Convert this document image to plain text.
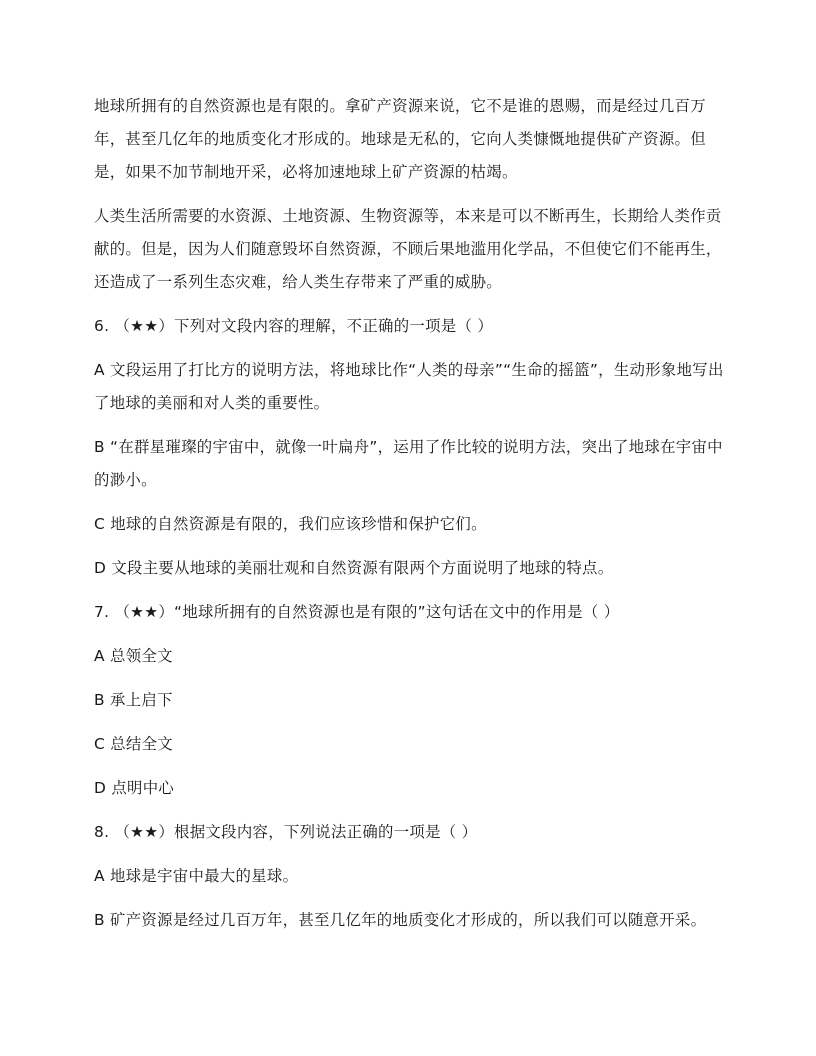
地球所拥有的自然资源也是有限的。拿矿产资源来说，它不是谁的恩赐，而是经过几百万年，甚至几亿年的地质变化才形成的。地球是无私的，它向人类慷慨地提供矿产资源。但是，如果不加节制地开采，必将加速地球上矿产资源的枯竭。

人类生活所需要的水资源、土地资源、生物资源等，本来是可以不断再生，长期给人类作贡献的。但是，因为人们随意毁坏自然资源，不顾后果地滥用化学品，不但使它们不能再生，还造成了一系列生态灾难，给人类生存带来了严重的威胁。

6. （★★）下列对文段内容的理解，不正确的一项是（ ）

A 文段运用了打比方的说明方法，将地球比作“人类的母亲”“生命的摇篮”，生动形象地写出了地球的美丽和对人类的重要性。

B “在群星璀璨的宇宙中，就像一叶扁舟”，运用了作比较的说明方法，突出了地球在宇宙中的渺小。

C 地球的自然资源是有限的，我们应该珍惜和保护它们。

D 文段主要从地球的美丽壮观和自然资源有限两个方面说明了地球的特点。

7. （★★）“地球所拥有的自然资源也是有限的”这句话在文中的作用是（ ）

A 总领全文

B 承上启下

C 总结全文

D 点明中心

8. （★★）根据文段内容，下列说法正确的一项是（ ）

A 地球是宇宙中最大的星球。

B 矿产资源是经过几百万年，甚至几亿年的地质变化才形成的，所以我们可以随意开采。
